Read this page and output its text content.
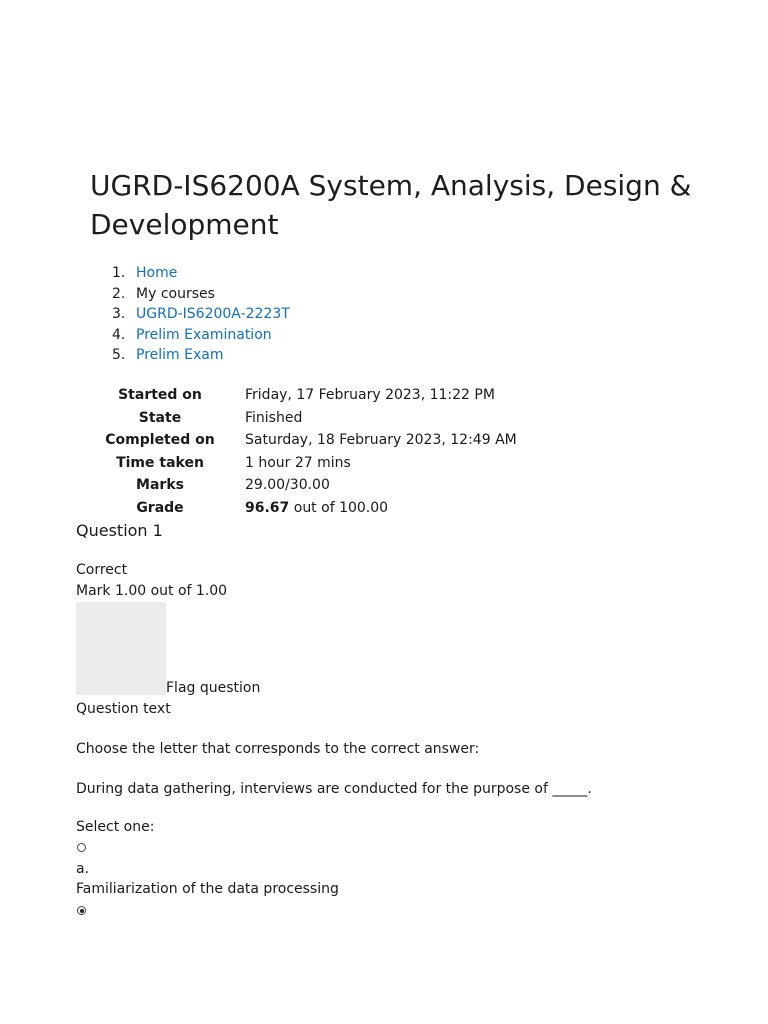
UGRD-IS6200A System, Analysis, Design & Development
1. Home
2. My courses
3. UGRD-IS6200A-2223T
4. Prelim Examination
5. Prelim Exam
Started on	Friday, 17 February 2023, 11:22 PM
State	Finished
Completed on	Saturday, 18 February 2023, 12:49 AM
Time taken	1 hour 27 mins
Marks	29.00/30.00
Grade	96.67 out of 100.00
Question 1
Correct
Mark 1.00 out of 1.00
Flag question
Question text
Choose the letter that corresponds to the correct answer:
During data gathering, interviews are conducted for the purpose of _____.
Select one:
a.
Familiarization of the data processing
